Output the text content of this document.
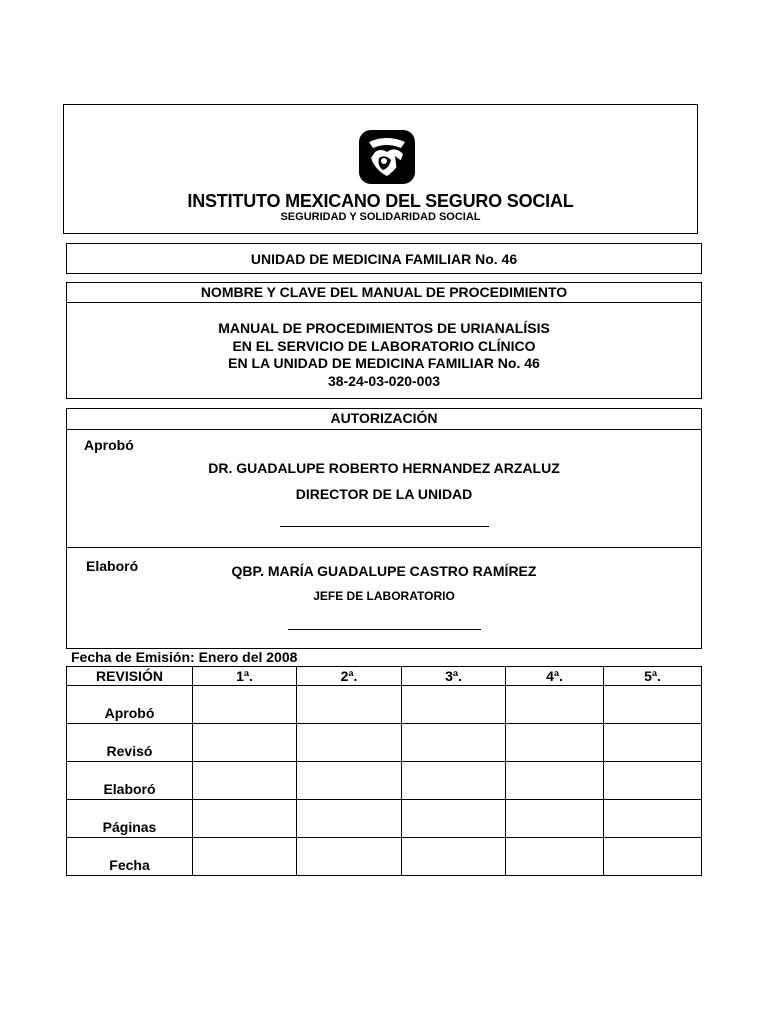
INSTITUTO MEXICANO DEL SEGURO SOCIAL
SEGURIDAD Y SOLIDARIDAD SOCIAL
UNIDAD DE MEDICINA FAMILIAR No. 46
NOMBRE Y CLAVE DEL MANUAL DE PROCEDIMIENTO
MANUAL DE PROCEDIMIENTOS DE URIANALÍSIS
EN EL SERVICIO DE LABORATORIO CLÍNICO
EN LA UNIDAD DE MEDICINA FAMILIAR No. 46
38-24-03-020-003
AUTORIZACIÓN
Aprobó
DR. GUADALUPE ROBERTO HERNANDEZ ARZALUZ
DIRECTOR DE LA UNIDAD
Elaboró	QBP. MARÍA GUADALUPE CASTRO RAMÍREZ
JEFE DE LABORATORIO
Fecha de Emisión: Enero del 2008
REVISIÓN	1ª.	2ª.	3ª.	4ª.	5ª.
Aprobó					
Revisó					
Elaboró					
Páginas					
Fecha					
